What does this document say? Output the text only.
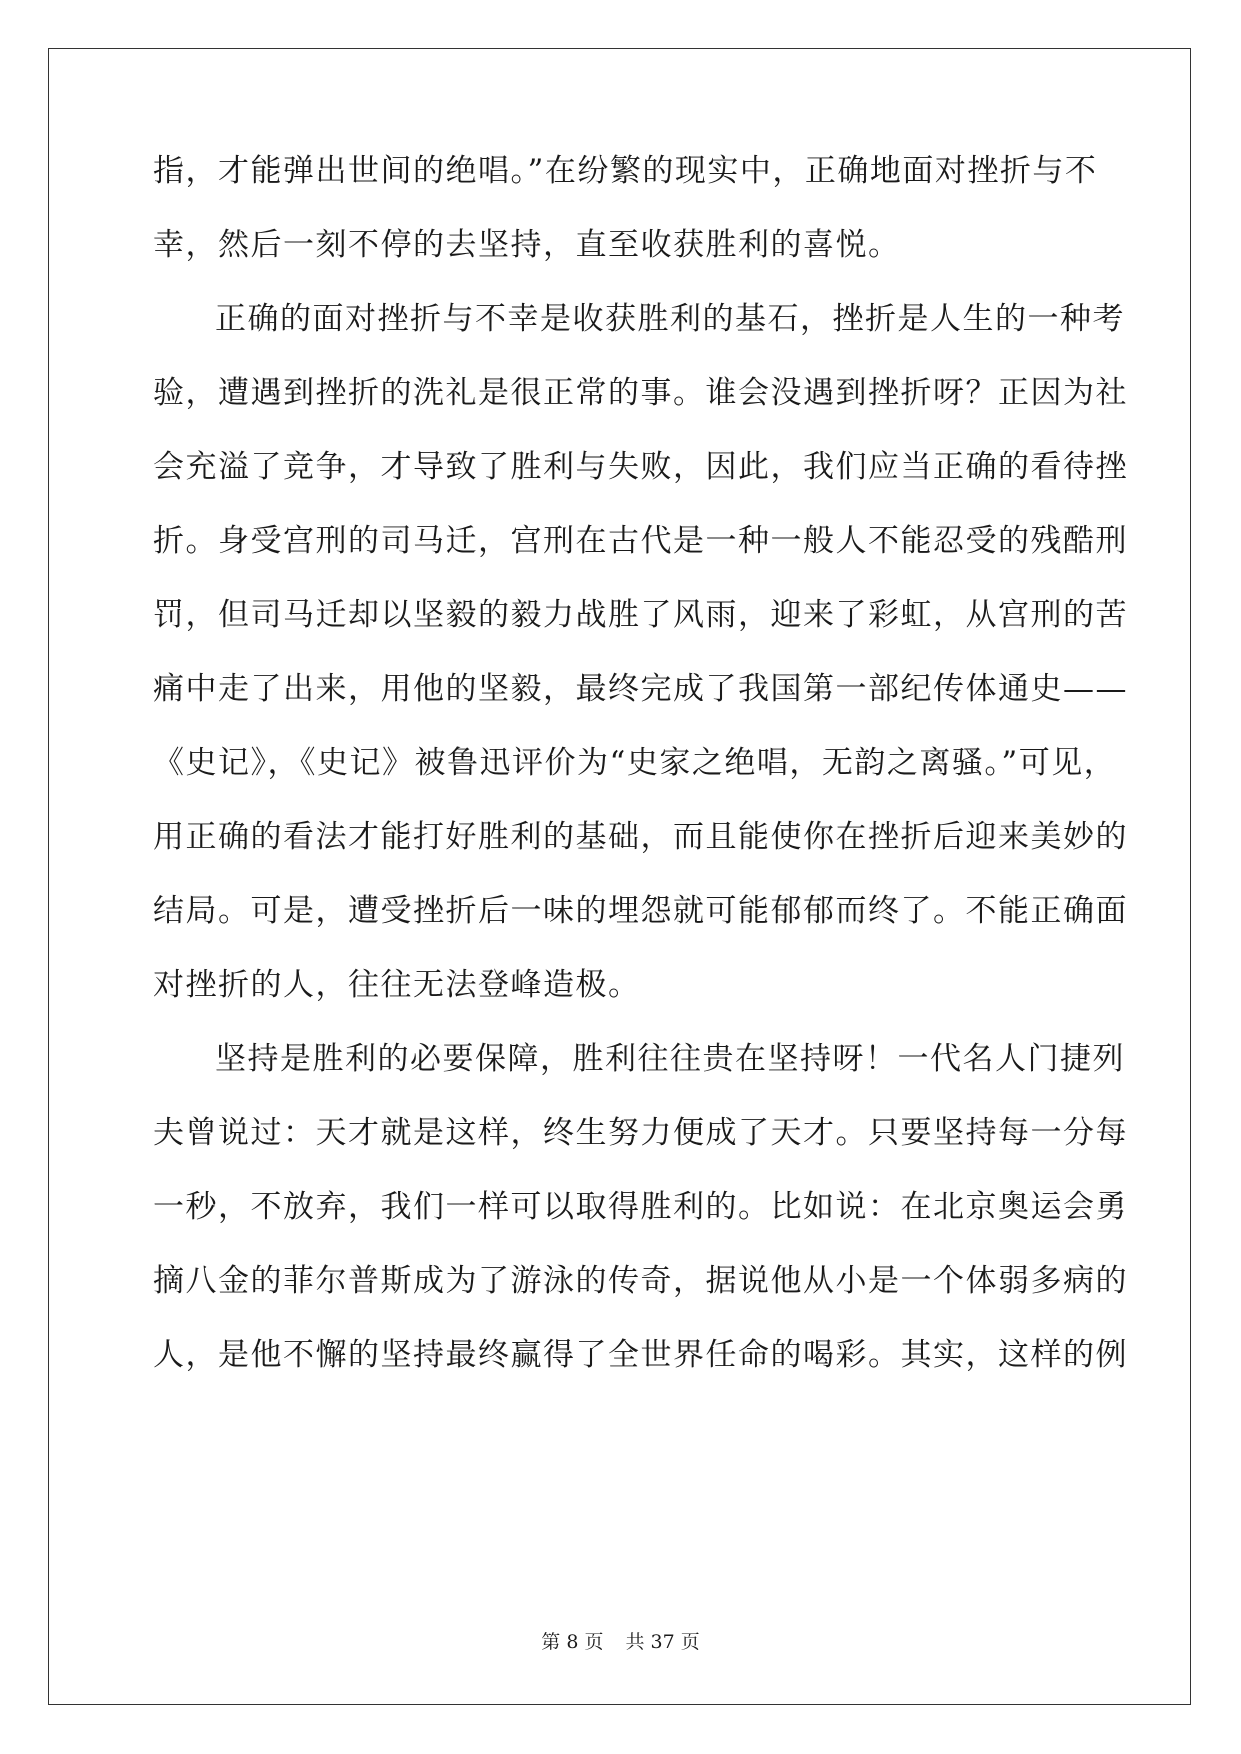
指，才能弹出世间的绝唱。”在纷繁的现实中，正确地面对挫折与不
幸，然后一刻不停的去坚持，直至收获胜利的喜悦。
正确的面对挫折与不幸是收获胜利的基石，挫折是人生的一种考
验，遭遇到挫折的洗礼是很正常的事。谁会没遇到挫折呀？正因为社
会充溢了竞争，才导致了胜利与失败，因此，我们应当正确的看待挫
折。身受宫刑的司马迁，宫刑在古代是一种一般人不能忍受的残酷刑
罚，但司马迁却以坚毅的毅力战胜了风雨，迎来了彩虹，从宫刑的苦
痛中走了出来，用他的坚毅，最终完成了我国第一部纪传体通史——
《史记》，《史记》被鲁迅评价为“史家之绝唱，无韵之离骚。”可见，
用正确的看法才能打好胜利的基础，而且能使你在挫折后迎来美妙的
结局。可是，遭受挫折后一味的埋怨就可能郁郁而终了。不能正确面
对挫折的人，往往无法登峰造极。
坚持是胜利的必要保障，胜利往往贵在坚持呀！一代名人门捷列
夫曾说过：天才就是这样，终生努力便成了天才。只要坚持每一分每
一秒，不放弃，我们一样可以取得胜利的。比如说：在北京奥运会勇
摘八金的菲尔普斯成为了游泳的传奇，据说他从小是一个体弱多病的
人，是他不懈的坚持最终赢得了全世界任命的喝彩。其实，这样的例
第 8 页 共 37 页
